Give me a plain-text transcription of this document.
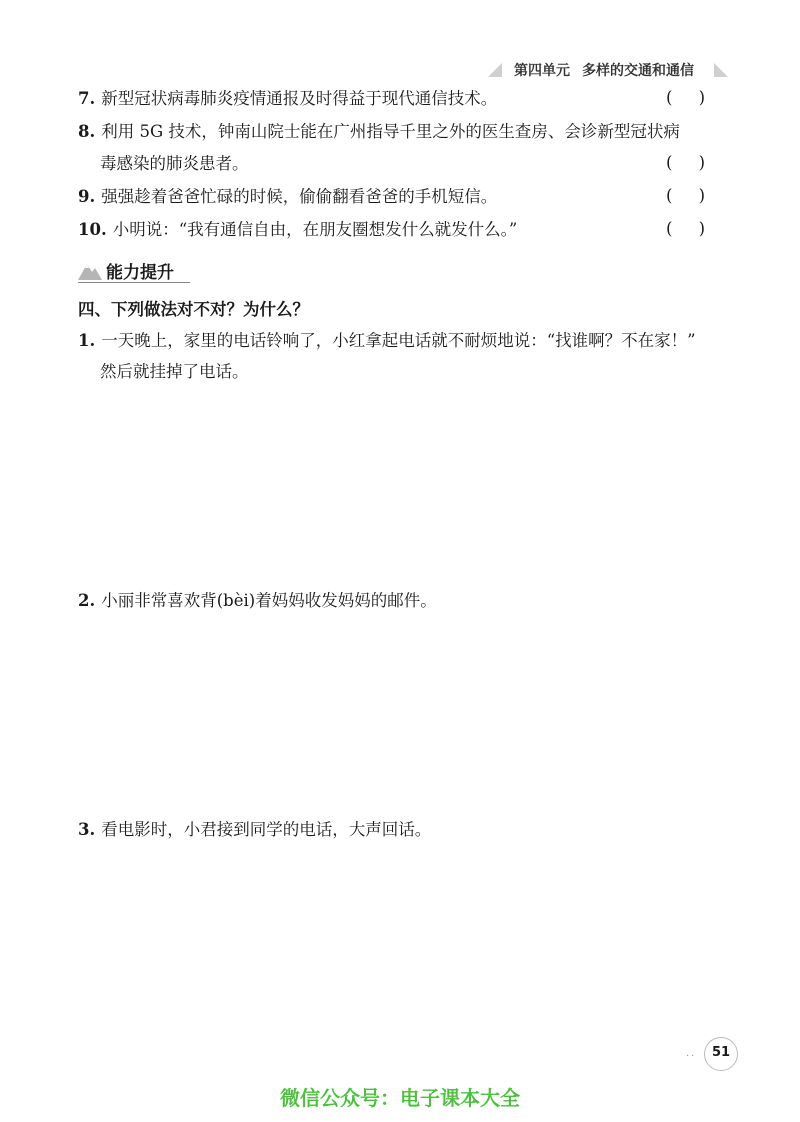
第四单元 多样的交通和通信
7. 新型冠状病毒肺炎疫情通报及时得益于现代通信技术。	(     )
8. 利用 5G 技术，钟南山院士能在广州指导千里之外的医生查房、会诊新型冠状病
毒感染的肺炎患者。	(     )
9. 强强趁着爸爸忙碌的时候，偷偷翻看爸爸的手机短信。	(     )
10. 小明说：“我有通信自由，在朋友圈想发什么就发什么。”	(     )
能力提升
四、下列做法对不对？为什么？
1. 一天晚上，家里的电话铃响了，小红拿起电话就不耐烦地说：“找谁啊？不在家！”
然后就挂掉了电话。
2. 小丽非常喜欢背(bèi)着妈妈收发妈妈的邮件。
3. 看电影时，小君接到同学的电话，大声回话。
··	51
微信公众号：电子课本大全
